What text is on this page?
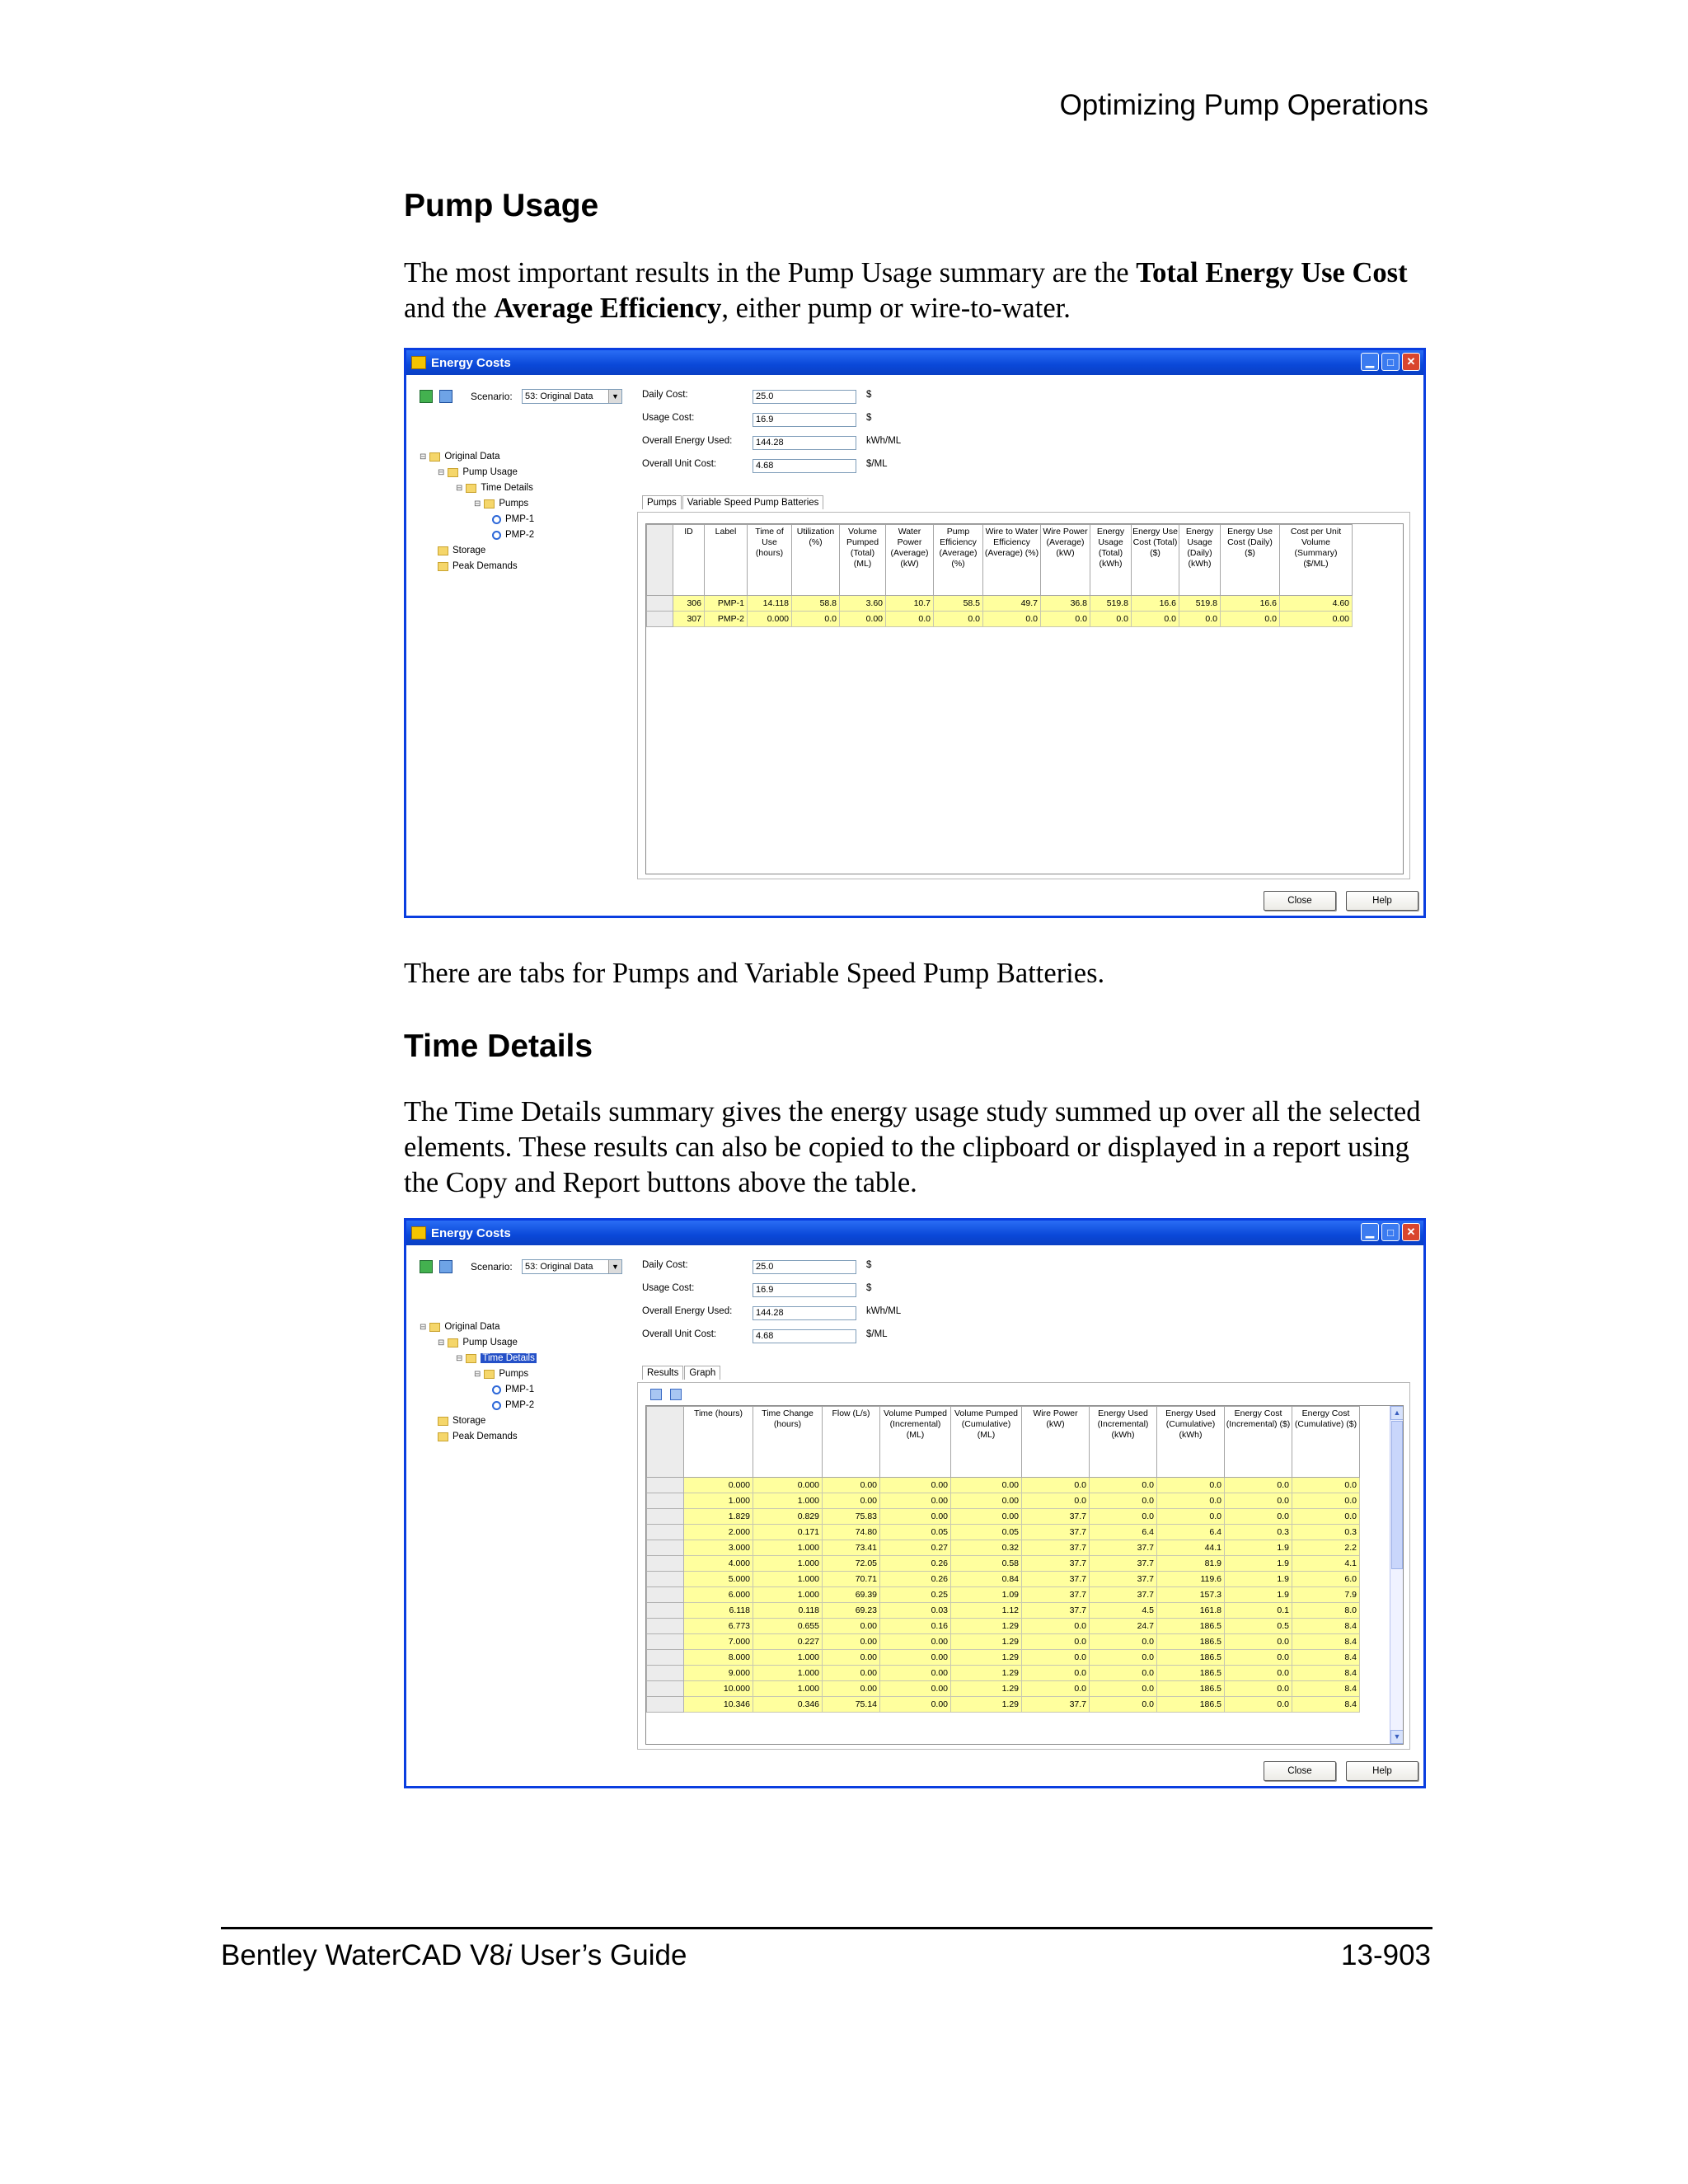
Optimizing Pump Operations
Pump Usage
The most important results in the Pump Usage summary are the Total Energy Use Cost and the Average Efficiency, either pump or wire-to-water.
Energy Costs	▁	□	✕
Scenario:	53: Original Data	▼
⊟ Original Data
⊟ Pump Usage
⊟ Time Details
⊟ Pumps
PMP-1
PMP-2
Storage
Peak Demands
Daily Cost:	25.0	$
Usage Cost:	16.9	$
Overall Energy Used:	144.28	kWh/ML
Overall Unit Cost:	4.68	$/ML
Close	Help
Pumps	Variable Speed Pump Batteries
	ID	Label	Time of Use (hours)	Utilization (%)	Volume Pumped (Total) (ML)	Water Power (Average) (kW)	Pump Efficiency (Average) (%)	Wire to Water Efficiency (Average) (%)	Wire Power (Average) (kW)	Energy Usage (Total) (kWh)	Energy Use Cost (Total) ($)	Energy Usage (Daily) (kWh)	Energy Use Cost (Daily) ($)	Cost per Unit Volume (Summary) ($/ML)
	306	PMP-1	14.118	58.8	3.60	10.7	58.5	49.7	36.8	519.8	16.6	519.8	16.6	4.60
	307	PMP-2	0.000	0.0	0.00	0.0	0.0	0.0	0.0	0.0	0.0	0.0	0.0	0.00
There are tabs for Pumps and Variable Speed Pump Batteries.
Time Details
The Time Details summary gives the energy usage study summed up over all the selected elements. These results can also be copied to the clipboard or displayed in a report using the Copy and Report buttons above the table.
Energy Costs	▁	□	✕
Scenario:	53: Original Data	▼
⊟ Original Data
⊟ Pump Usage
⊟ Time Details
⊟ Pumps
PMP-1
PMP-2
Storage
Peak Demands
Daily Cost:	25.0	$
Usage Cost:	16.9	$
Overall Energy Used:	144.28	kWh/ML
Overall Unit Cost:	4.68	$/ML
Close	Help
Results	Graph
	Time (hours)	Time Change (hours)	Flow (L/s)	Volume Pumped (Incremental) (ML)	Volume Pumped (Cumulative) (ML)	Wire Power (kW)	Energy Used (Incremental) (kWh)	Energy Used (Cumulative) (kWh)	Energy Cost (Incremental) ($)	Energy Cost (Cumulative) ($)
	0.000	0.000	0.00	0.00	0.00	0.0	0.0	0.0	0.0	0.0
	1.000	1.000	0.00	0.00	0.00	0.0	0.0	0.0	0.0	0.0
	1.829	0.829	75.83	0.00	0.00	37.7	0.0	0.0	0.0	0.0
	2.000	0.171	74.80	0.05	0.05	37.7	6.4	6.4	0.3	0.3
	3.000	1.000	73.41	0.27	0.32	37.7	37.7	44.1	1.9	2.2
	4.000	1.000	72.05	0.26	0.58	37.7	37.7	81.9	1.9	4.1
	5.000	1.000	70.71	0.26	0.84	37.7	37.7	119.6	1.9	6.0
	6.000	1.000	69.39	0.25	1.09	37.7	37.7	157.3	1.9	7.9
	6.118	0.118	69.23	0.03	1.12	37.7	4.5	161.8	0.1	8.0
	6.773	0.655	0.00	0.16	1.29	0.0	24.7	186.5	0.5	8.4
	7.000	0.227	0.00	0.00	1.29	0.0	0.0	186.5	0.0	8.4
	8.000	1.000	0.00	0.00	1.29	0.0	0.0	186.5	0.0	8.4
	9.000	1.000	0.00	0.00	1.29	0.0	0.0	186.5	0.0	8.4
	10.000	1.000	0.00	0.00	1.29	0.0	0.0	186.5	0.0	8.4
	10.346	0.346	75.14	0.00	1.29	37.7	0.0	186.5	0.0	8.4
▲
▼
Bentley WaterCAD V8i User’s Guide	13-903
